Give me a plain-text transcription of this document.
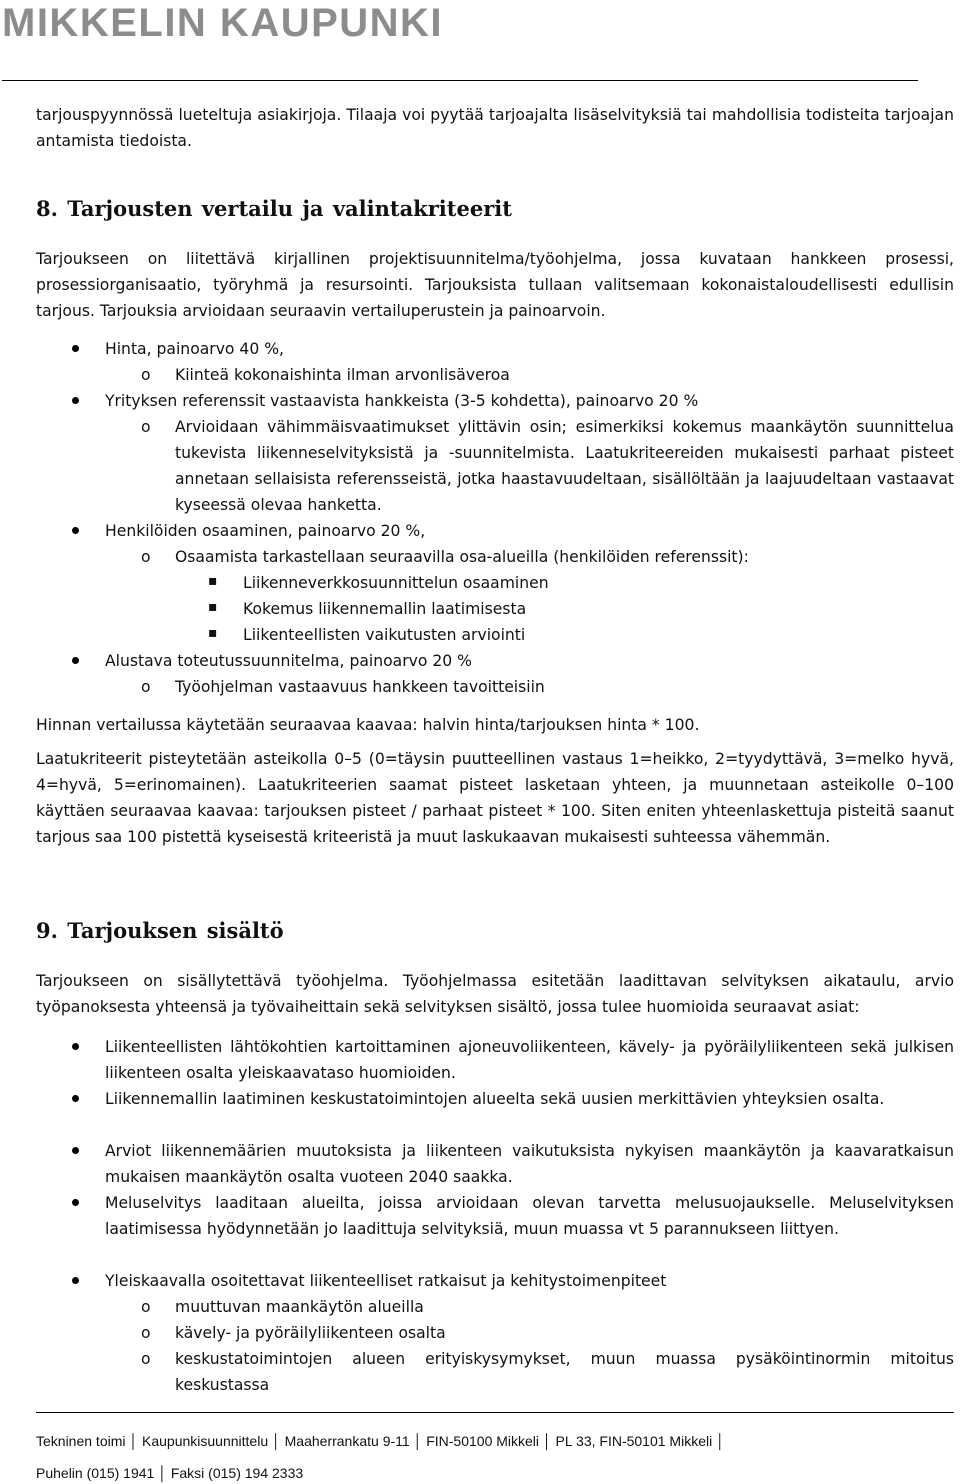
MIKKELIN KAUPUNKI

tarjouspyynnössä lueteltuja asiakirjoja. Tilaaja voi pyytää tarjoajalta lisäselvityksiä tai mahdollisia todisteita tarjoajan antamista tiedoista.

8. Tarjousten vertailu ja valintakriteerit

Tarjoukseen on liitettävä kirjallinen projektisuunnitelma/työohjelma, jossa kuvataan hankkeen prosessi, prosessiorganisaatio, työryhmä ja resursointi. Tarjouksista tullaan valitsemaan kokonaistaloudellisesti edullisin tarjous. Tarjouksia arvioidaan seuraavin vertailuperustein ja painoarvoin.

Hinta, painoarvo 40 %,
o Kiinteä kokonaishinta ilman arvonlisäveroa
Yrityksen referenssit vastaavista hankkeista (3-5 kohdetta), painoarvo 20 %
o Arvioidaan vähimmäisvaatimukset ylittävin osin; esimerkiksi kokemus maankäytön suunnittelua tukevista liikenneselvityksistä ja -suunnitelmista. Laatukriteereiden mukaisesti parhaat pisteet annetaan sellaisista referensseistä, jotka haastavuudeltaan, sisällöltään ja laajuudeltaan vastaavat kyseessä olevaa hanketta.
Henkilöiden osaaminen, painoarvo 20 %,
o Osaamista tarkastellaan seuraavilla osa-alueilla (henkilöiden referenssit):
▪ Liikenneverkkosuunnittelun osaaminen
▪ Kokemus liikennemallin laatimisesta
▪ Liikenteellisten vaikutusten arviointi
Alustava toteutussuunnitelma, painoarvo 20 %
o Työohjelman vastaavuus hankkeen tavoitteisiin

Hinnan vertailussa käytetään seuraavaa kaavaa: halvin hinta/tarjouksen hinta * 100.

Laatukriteerit pisteytetään asteikolla 0–5 (0=täysin puutteellinen vastaus 1=heikko, 2=tyydyttävä, 3=melko hyvä, 4=hyvä, 5=erinomainen). Laatukriteerien saamat pisteet lasketaan yhteen, ja muunnetaan asteikolle 0–100 käyttäen seuraavaa kaavaa: tarjouksen pisteet / parhaat pisteet * 100. Siten eniten yhteenlaskettuja pisteitä saanut tarjous saa 100 pistettä kyseisestä kriteeristä ja muut laskukaavan mukaisesti suhteessa vähemmän.

9. Tarjouksen sisältö

Tarjoukseen on sisällytettävä työohjelma. Työohjelmassa esitetään laadittavan selvityksen aikataulu, arvio työpanoksesta yhteensä ja työvaiheittain sekä selvityksen sisältö, jossa tulee huomioida seuraavat asiat:

Liikenteellisten lähtökohtien kartoittaminen ajoneuvoliikenteen, kävely- ja pyöräilyliikenteen sekä julkisen liikenteen osalta yleiskaavataso huomioiden.
Liikennemallin laatiminen keskustatoimintojen alueelta sekä uusien merkittävien yhteyksien osalta.
Arviot liikennemäärien muutoksista ja liikenteen vaikutuksista nykyisen maankäytön ja kaavaratkaisun mukaisen maankäytön osalta vuoteen 2040 saakka.
Meluselvitys laaditaan alueilta, joissa arvioidaan olevan tarvetta melusuojaukselle. Meluselvityksen laatimisessa hyödynnetään jo laadittuja selvityksiä, muun muassa vt 5 parannukseen liittyen.
Yleiskaavalla osoitettavat liikenteelliset ratkaisut ja kehitystoimenpiteet
o muuttuvan maankäytön alueilla
o kävely- ja pyöräilyliikenteen osalta
o keskustatoimintojen alueen erityiskysymykset, muun muassa pysäköintinormin mitoitus keskustassa
Tekninen toimi │ Kaupunkisuunnittelu │ Maaherrankatu 9-11 │ FIN-50100 Mikkeli │ PL 33, FIN-50101 Mikkeli │
Puhelin (015) 1941 │ Faksi (015) 194 2333
